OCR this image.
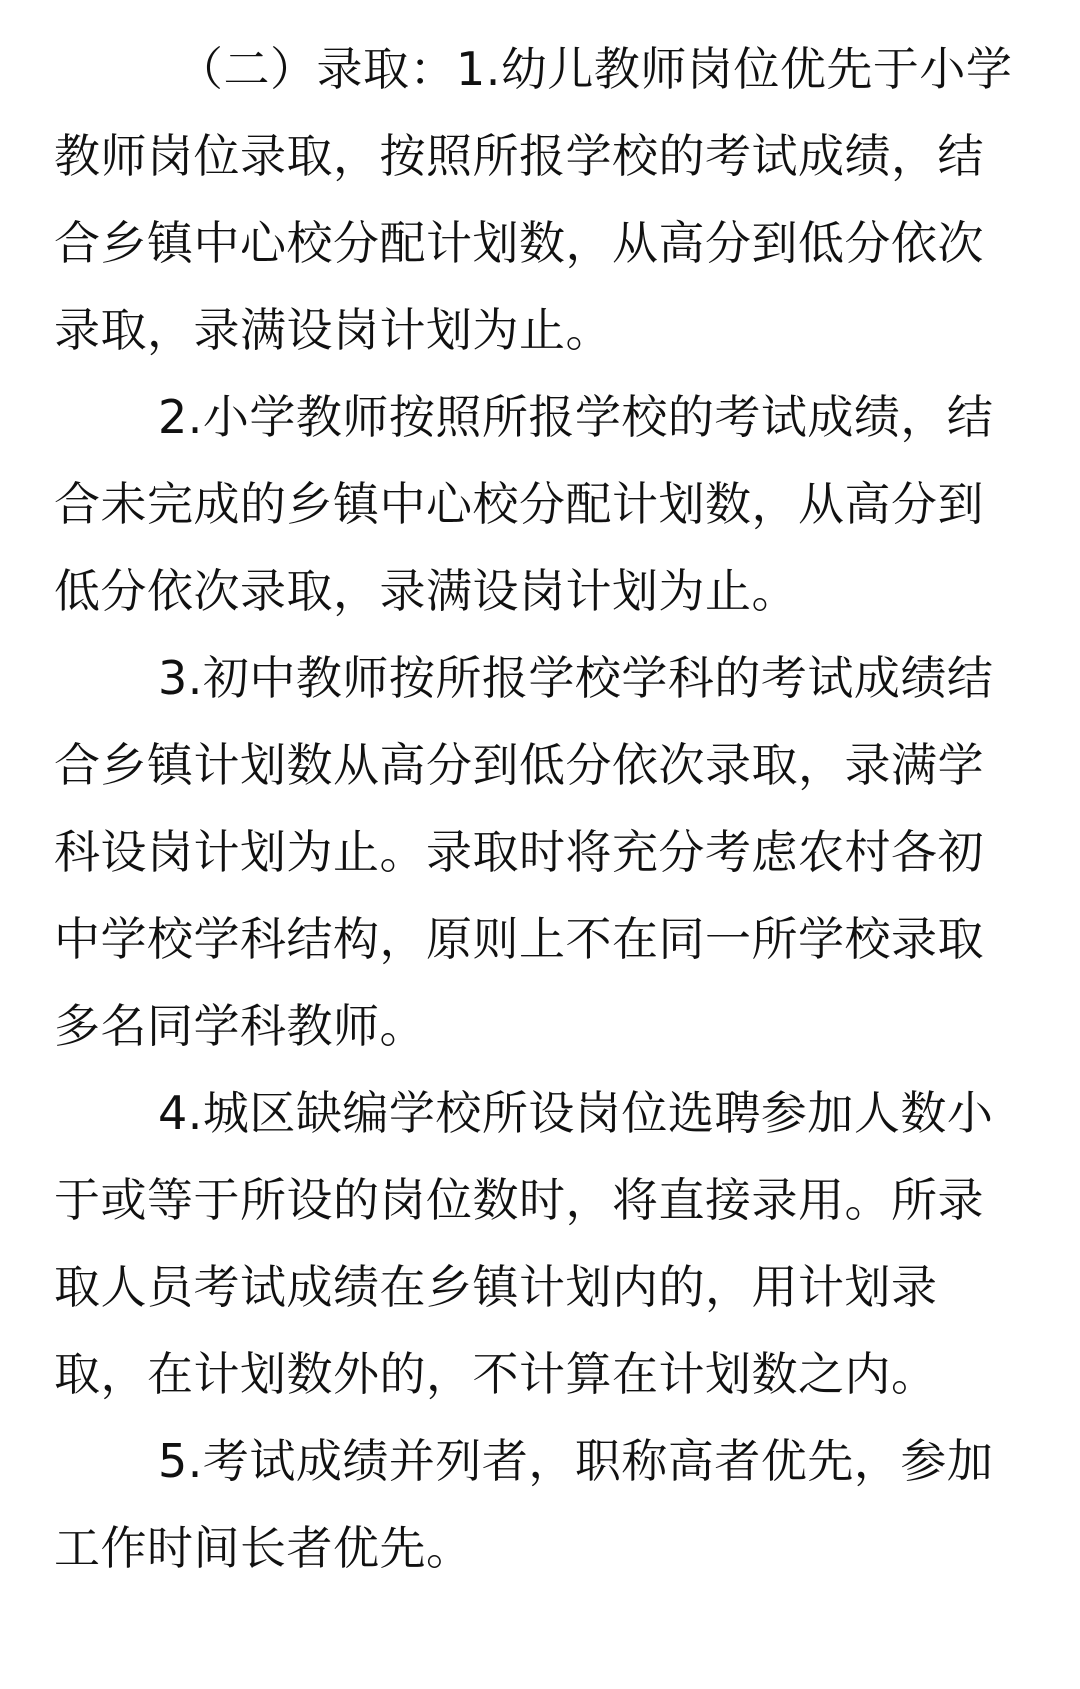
（二）录取：1.幼儿教师岗位优先于小学
教师岗位录取，按照所报学校的考试成绩，结
合乡镇中心校分配计划数，从高分到低分依次
录取，录满设岗计划为止。

2.小学教师按照所报学校的考试成绩，结
合未完成的乡镇中心校分配计划数，从高分到
低分依次录取，录满设岗计划为止。

3.初中教师按所报学校学科的考试成绩结
合乡镇计划数从高分到低分依次录取，录满学
科设岗计划为止。录取时将充分考虑农村各初
中学校学科结构，原则上不在同一所学校录取
多名同学科教师。

4.城区缺编学校所设岗位选聘参加人数小
于或等于所设的岗位数时，将直接录用。所录
取人员考试成绩在乡镇计划内的，用计划录
取，在计划数外的，不计算在计划数之内。

5.考试成绩并列者，职称高者优先，参加
工作时间长者优先。
